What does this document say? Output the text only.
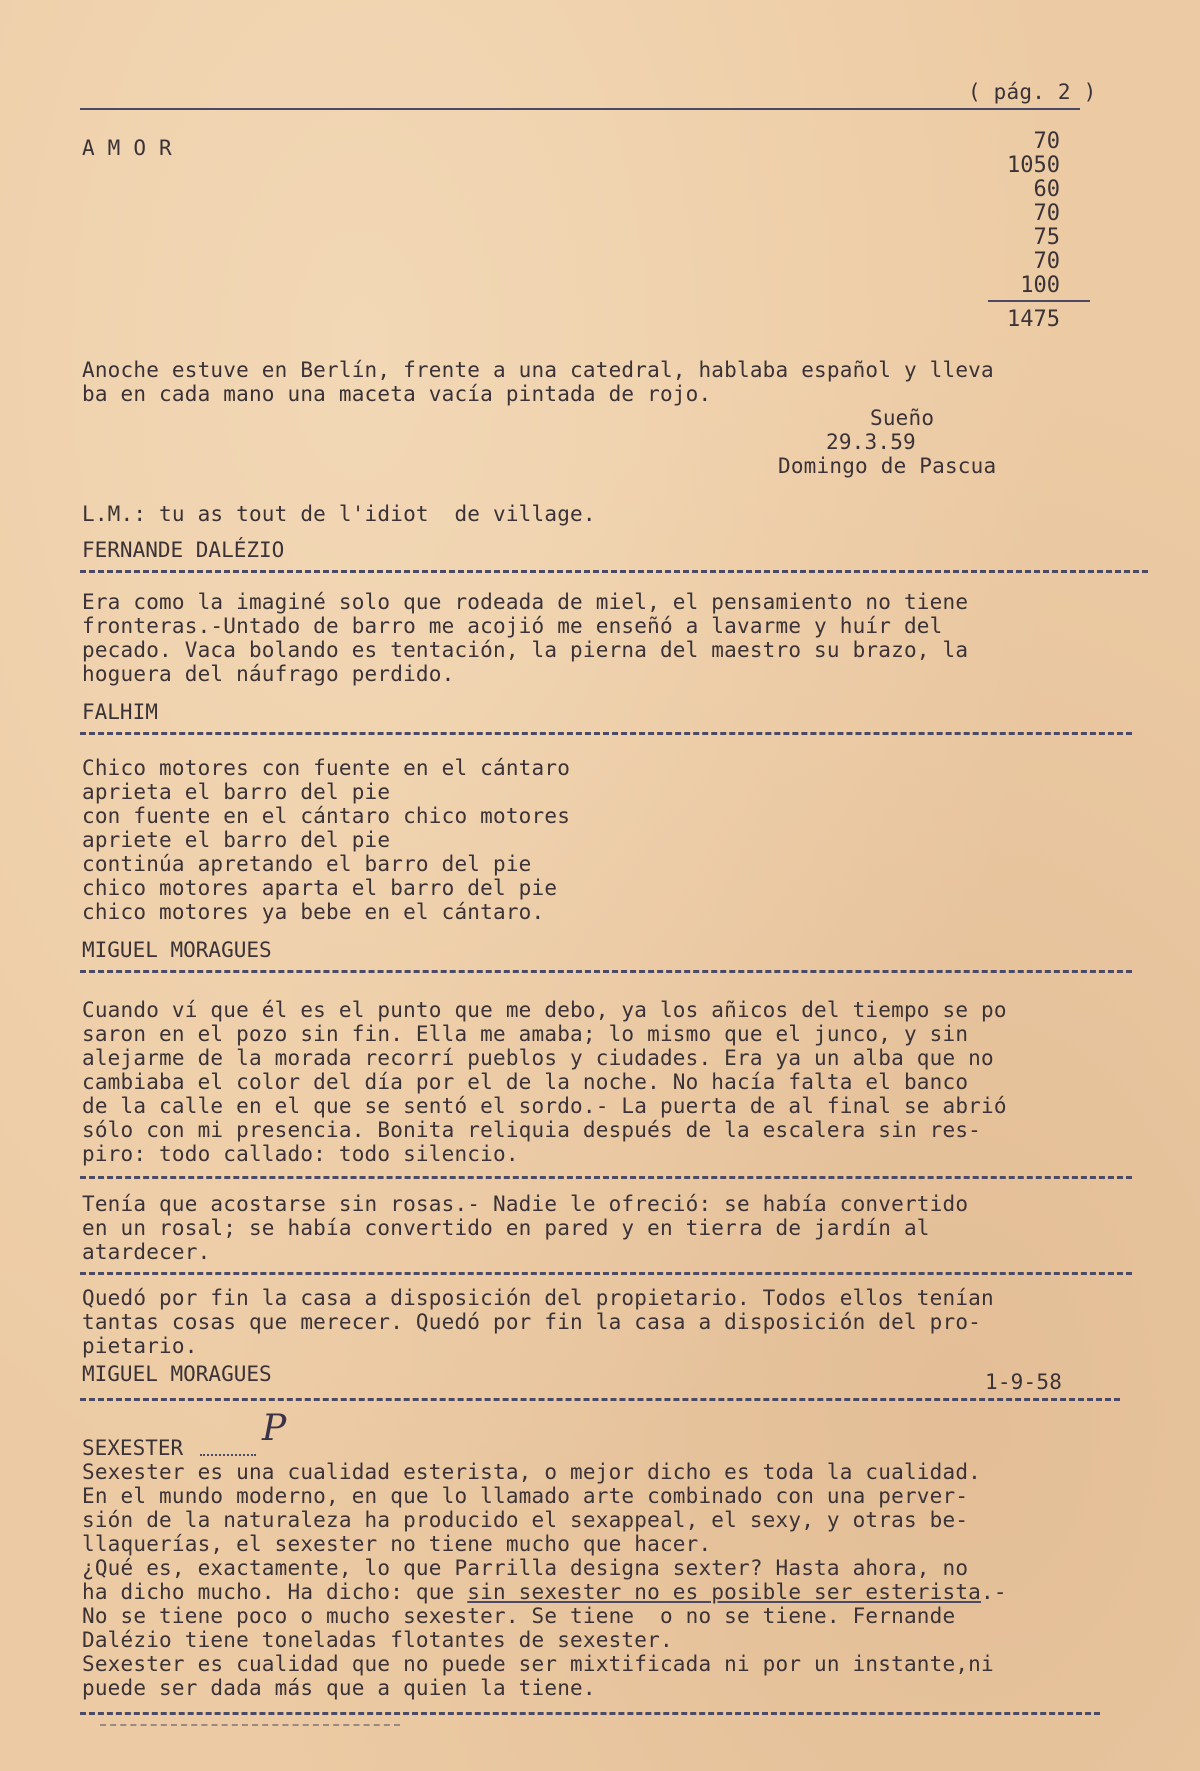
( pág. 2 )
A M O R	70
1050
60
70
75
70
100
1475
Anoche estuve en Berlín, frente a una catedral, hablaba español y lleva
ba en cada mano una maceta vacía pintada de rojo.
Sueño
29.3.59
Domingo de Pascua
L.M.: tu as tout de l'idiot  de village.
FERNANDE DALÉZIO
Era como la imaginé solo que rodeada de miel, el pensamiento no tiene
fronteras.-Untado de barro me acojió me enseñó a lavarme y huír del
pecado. Vaca bolando es tentación, la pierna del maestro su brazo, la
hoguera del náufrago perdido.
FALHIM
Chico motores con fuente en el cántaro
aprieta el barro del pie
con fuente en el cántaro chico motores
apriete el barro del pie
continúa apretando el barro del pie
chico motores aparta el barro del pie
chico motores ya bebe en el cántaro.
MIGUEL MORAGUES
Cuando ví que él es el punto que me debo, ya los añicos del tiempo se po
saron en el pozo sin fin. Ella me amaba; lo mismo que el junco, y sin
alejarme de la morada recorrí pueblos y ciudades. Era ya un alba que no
cambiaba el color del día por el de la noche. No hacía falta el banco
de la calle en el que se sentó el sordo.- La puerta de al final se abrió
sólo con mi presencia. Bonita reliquia después de la escalera sin res-
piro: todo callado: todo silencio.
Tenía que acostarse sin rosas.- Nadie le ofreció: se había convertido
en un rosal; se había convertido en pared y en tierra de jardín al
atardecer.
Quedó por fin la casa a disposición del propietario. Todos ellos tenían
tantas cosas que merecer. Quedó por fin la casa a disposición del pro-
pietario.
MIGUEL MORAGUES	1-9-58
SEXESTER P
Sexester es una cualidad esterista, o mejor dicho es toda la cualidad.
En el mundo moderno, en que lo llamado arte combinado con una perver-
sión de la naturaleza ha producido el sexappeal, el sexy, y otras be-
llaquerías, el sexester no tiene mucho que hacer.
¿Qué es, exactamente, lo que Parrilla designa sexter? Hasta ahora, no
ha dicho mucho. Ha dicho: que sin sexester no es posible ser esterista.-
No se tiene poco o mucho sexester. Se tiene  o no se tiene. Fernande
Dalézio tiene toneladas flotantes de sexester.
Sexester es cualidad que no puede ser mixtificada ni por un instante,ni
puede ser dada más que a quien la tiene.
